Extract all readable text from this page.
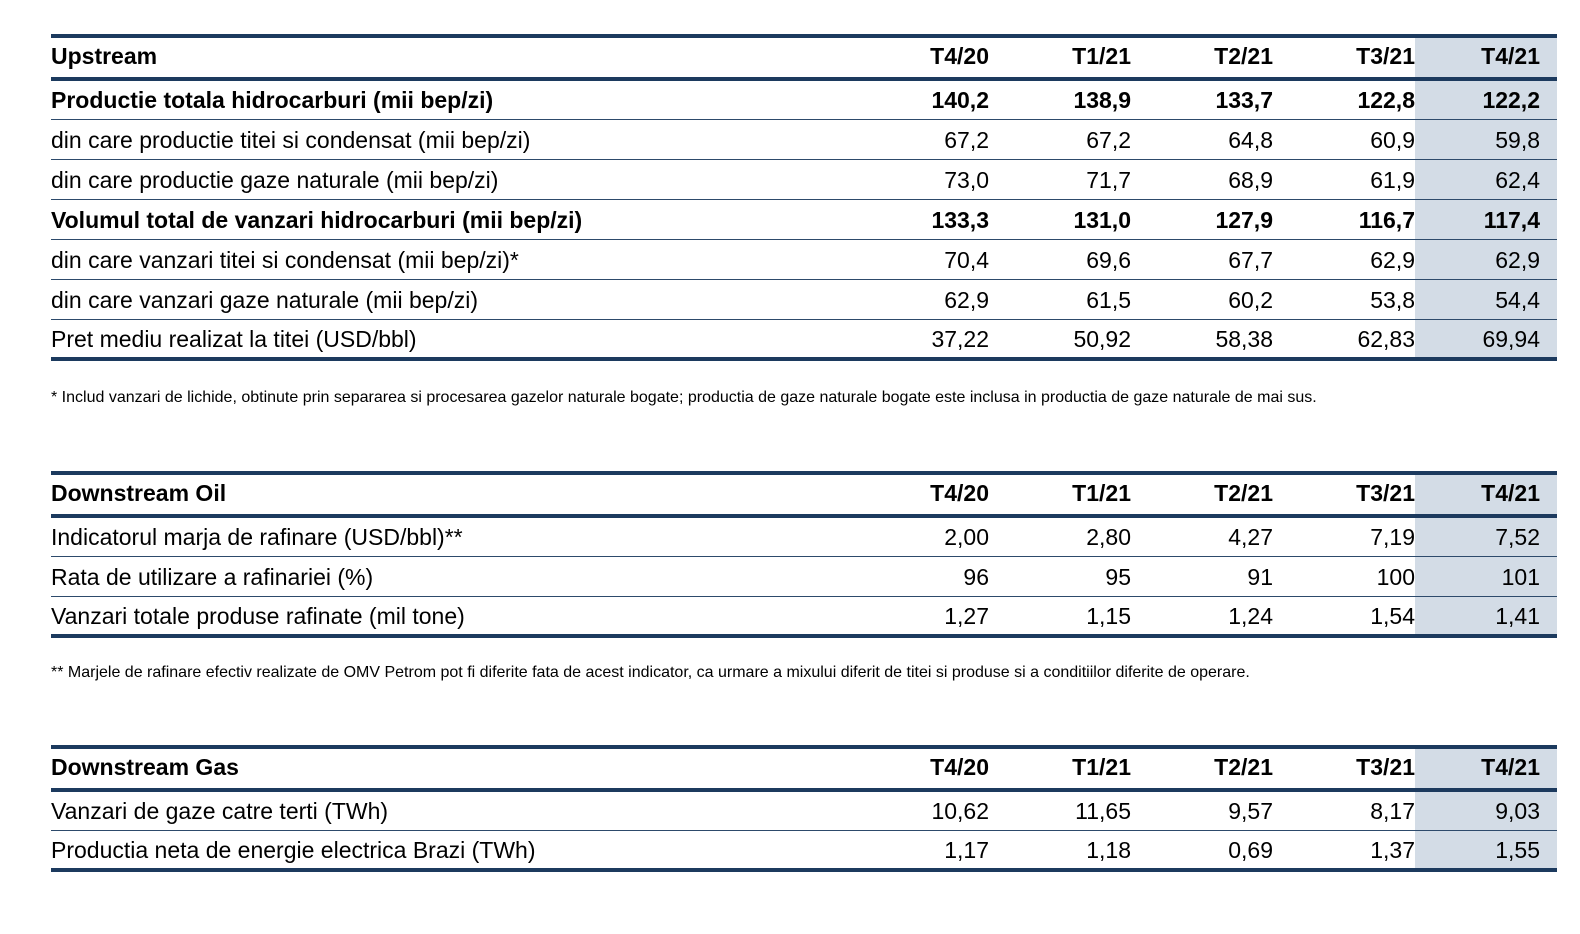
Upstream	T4/20	T1/21	T2/21	T3/21	T4/21
Productie totala hidrocarburi (mii bep/zi)	140,2	138,9	133,7	122,8	122,2
din care productie titei si condensat (mii bep/zi)	67,2	67,2	64,8	60,9	59,8
din care productie gaze naturale (mii bep/zi)	73,0	71,7	68,9	61,9	62,4
Volumul total de vanzari hidrocarburi (mii bep/zi)	133,3	131,0	127,9	116,7	117,4
din care vanzari titei si condensat (mii bep/zi)*	70,4	69,6	67,7	62,9	62,9
din care vanzari gaze naturale (mii bep/zi)	62,9	61,5	60,2	53,8	54,4
Pret mediu realizat la titei (USD/bbl)	37,22	50,92	58,38	62,83	69,94
* Includ vanzari de lichide, obtinute prin separarea si procesarea gazelor naturale bogate; productia de gaze naturale bogate este inclusa in productia de gaze naturale de mai sus.
Downstream Oil	T4/20	T1/21	T2/21	T3/21	T4/21
Indicatorul marja de rafinare (USD/bbl)**	2,00	2,80	4,27	7,19	7,52
Rata de utilizare a rafinariei (%)	96	95	91	100	101
Vanzari totale produse rafinate (mil tone)	1,27	1,15	1,24	1,54	1,41
** Marjele de rafinare efectiv realizate de OMV Petrom pot fi diferite fata de acest indicator, ca urmare a mixului diferit de titei si produse si a conditiilor diferite de operare.
Downstream Gas	T4/20	T1/21	T2/21	T3/21	T4/21
Vanzari de gaze catre terti (TWh)	10,62	11,65	9,57	8,17	9,03
Productia neta de energie electrica Brazi (TWh)	1,17	1,18	0,69	1,37	1,55
